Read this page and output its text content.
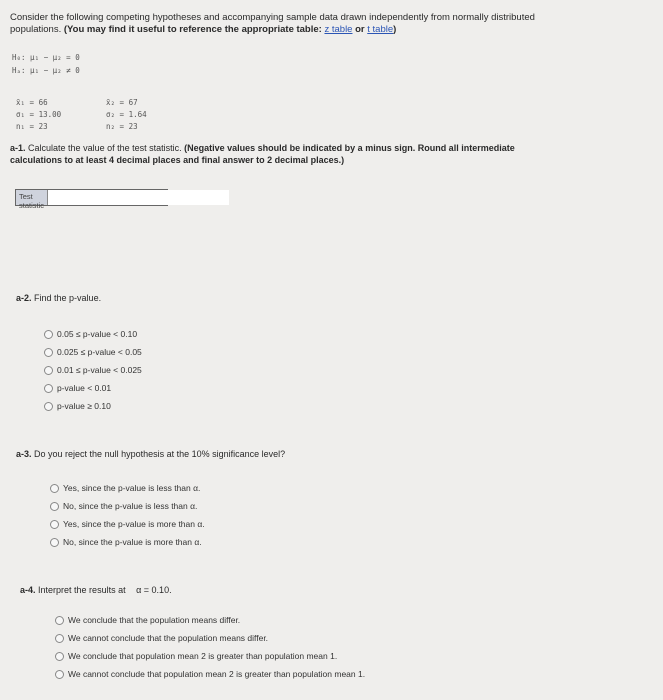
Consider the following competing hypotheses and accompanying sample data drawn independently from normally distributed
populations. (You may find it useful to reference the appropriate table: z table or t table)
H₀: μ₁ − μ₂ = 0
Hₐ: μ₁ − μ₂ ≠ 0
x̄₁ = 66
σ₁ = 13.00
n₁ = 23
x̄₂ = 67
σ₂ = 1.64
n₂ = 23
a-1. Calculate the value of the test statistic. (Negative values should be indicated by a minus sign. Round all intermediate
calculations to at least 4 decimal places and final answer to 2 decimal places.)
Test statistic
a-2. Find the p-value.
0.05 ≤ p-value < 0.10
0.025 ≤ p-value < 0.05
0.01 ≤ p-value < 0.025
p-value < 0.01
p-value ≥ 0.10
a-3. Do you reject the null hypothesis at the 10% significance level?
Yes, since the p-value is less than α.
No, since the p-value is less than α.
Yes, since the p-value is more than α.
No, since the p-value is more than α.
a-4. Interpret the results at α = 0.10.
We conclude that the population means differ.
We cannot conclude that the population means differ.
We conclude that population mean 2 is greater than population mean 1.
We cannot conclude that population mean 2 is greater than population mean 1.
